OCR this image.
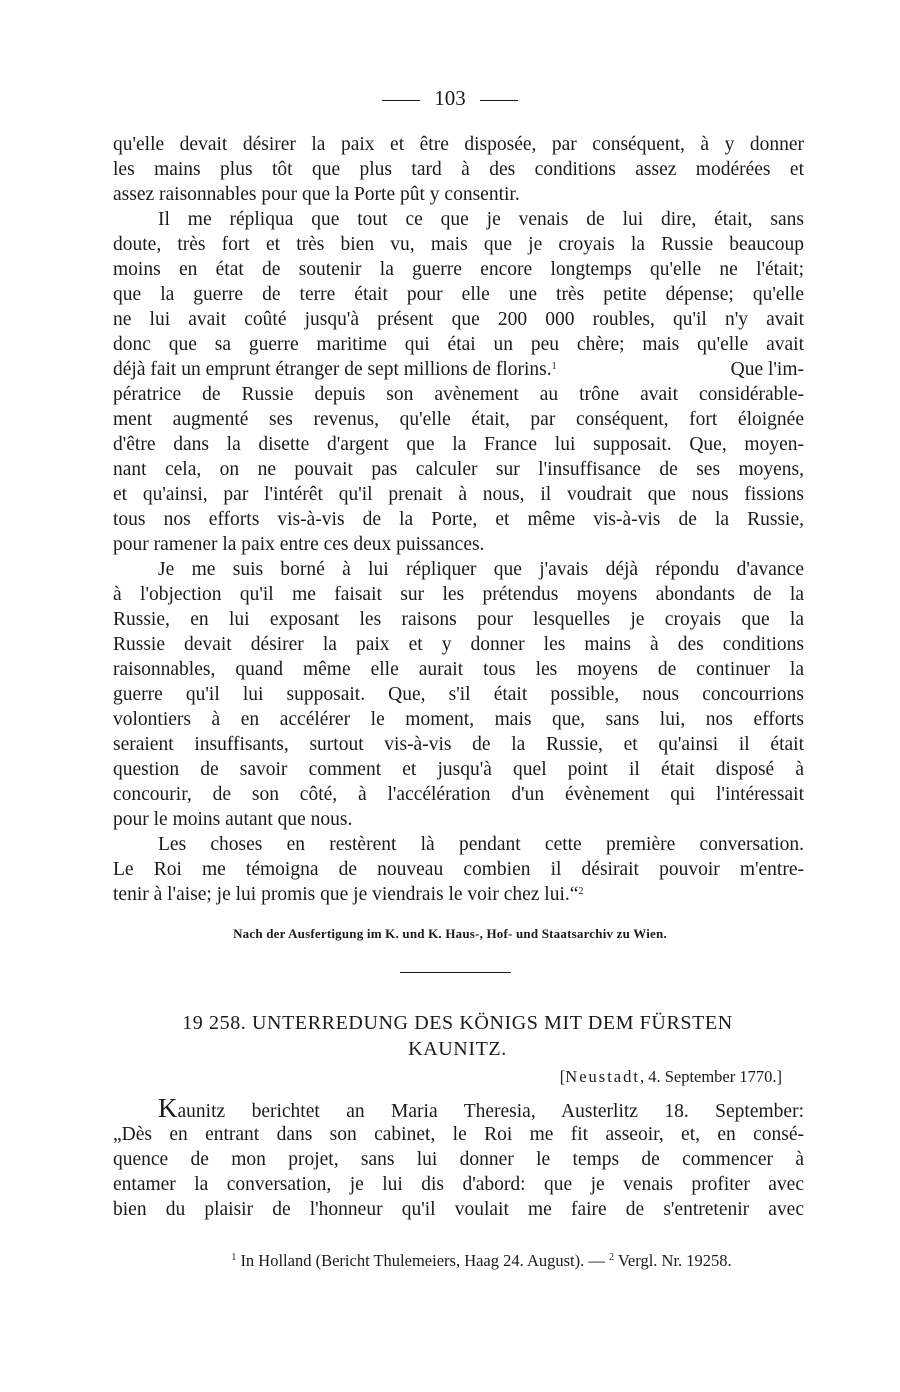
103
qu'elle devait désirer la paix et être disposée, par conséquent, à y donner
les mains plus tôt que plus tard à des conditions assez modérées et
assez raisonnables pour que la Porte pût y consentir.
Il me répliqua que tout ce que je venais de lui dire, était, sans
doute, très fort et très bien vu, mais que je croyais la Russie beaucoup
moins en état de soutenir la guerre encore longtemps qu'elle ne l'était;
que la guerre de terre était pour elle une très petite dépense; qu'elle
ne lui avait coûté jusqu'à présent que 200 000 roubles, qu'il n'y avait
donc que sa guerre maritime qui étai un peu chère; mais qu'elle avait
déjà fait un emprunt étranger de sept millions de florins.$^1$	Que l'im-
pératrice de Russie depuis son avènement au trône avait considérable-
ment augmenté ses revenus, qu'elle était, par conséquent, fort éloignée
d'être dans la disette d'argent que la France lui supposait. Que, moyen-
nant cela, on ne pouvait pas calculer sur l'insuffisance de ses moyens,
et qu'ainsi, par l'intérêt qu'il prenait à nous, il voudrait que nous fissions
tous nos efforts vis-à-vis de la Porte, et même vis-à-vis de la Russie,
pour ramener la paix entre ces deux puissances.
Je me suis borné à lui répliquer que j'avais déjà répondu d'avance
à l'objection qu'il me faisait sur les prétendus moyens abondants de la
Russie, en lui exposant les raisons pour lesquelles je croyais que la
Russie devait désirer la paix et y donner les mains à des conditions
raisonnables, quand même elle aurait tous les moyens de continuer la
guerre qu'il lui supposait. Que, s'il était possible, nous concourrions
volontiers à en accélérer le moment, mais que, sans lui, nos efforts
seraient insuffisants, surtout vis-à-vis de la Russie, et qu'ainsi il était
question de savoir comment et jusqu'à quel point il était disposé à
concourir, de son côté, à l'accélération d'un évènement qui l'intéressait
pour le moins autant que nous.
Les choses en restèrent là pendant cette première conversation.
Le Roi me témoigna de nouveau combien il désirait pouvoir m'entre-
tenir à l'aise; je lui promis que je viendrais le voir chez lui.“$^2$
Nach der Ausfertigung im K. und K. Haus-, Hof- und Staatsarchiv zu Wien.
19 258. UNTERREDUNG DES KÖNIGS MIT DEM FÜRSTEN
KAUNITZ.
[Neustadt, 4. September 1770.]
Kaunitz berichtet an Maria Theresia, Austerlitz 18. September:
„Dès en entrant dans son cabinet, le Roi me fit asseoir, et, en consé-
quence de mon projet, sans lui donner le temps de commencer à
entamer la conversation, je lui dis d'abord: que je venais profiter avec
bien du plaisir de l'honneur qu'il voulait me faire de s'entretenir avec
$^1$ In Holland (Bericht Thulemeiers, Haag 24. August). — $^2$ Vergl. Nr. 19258.
